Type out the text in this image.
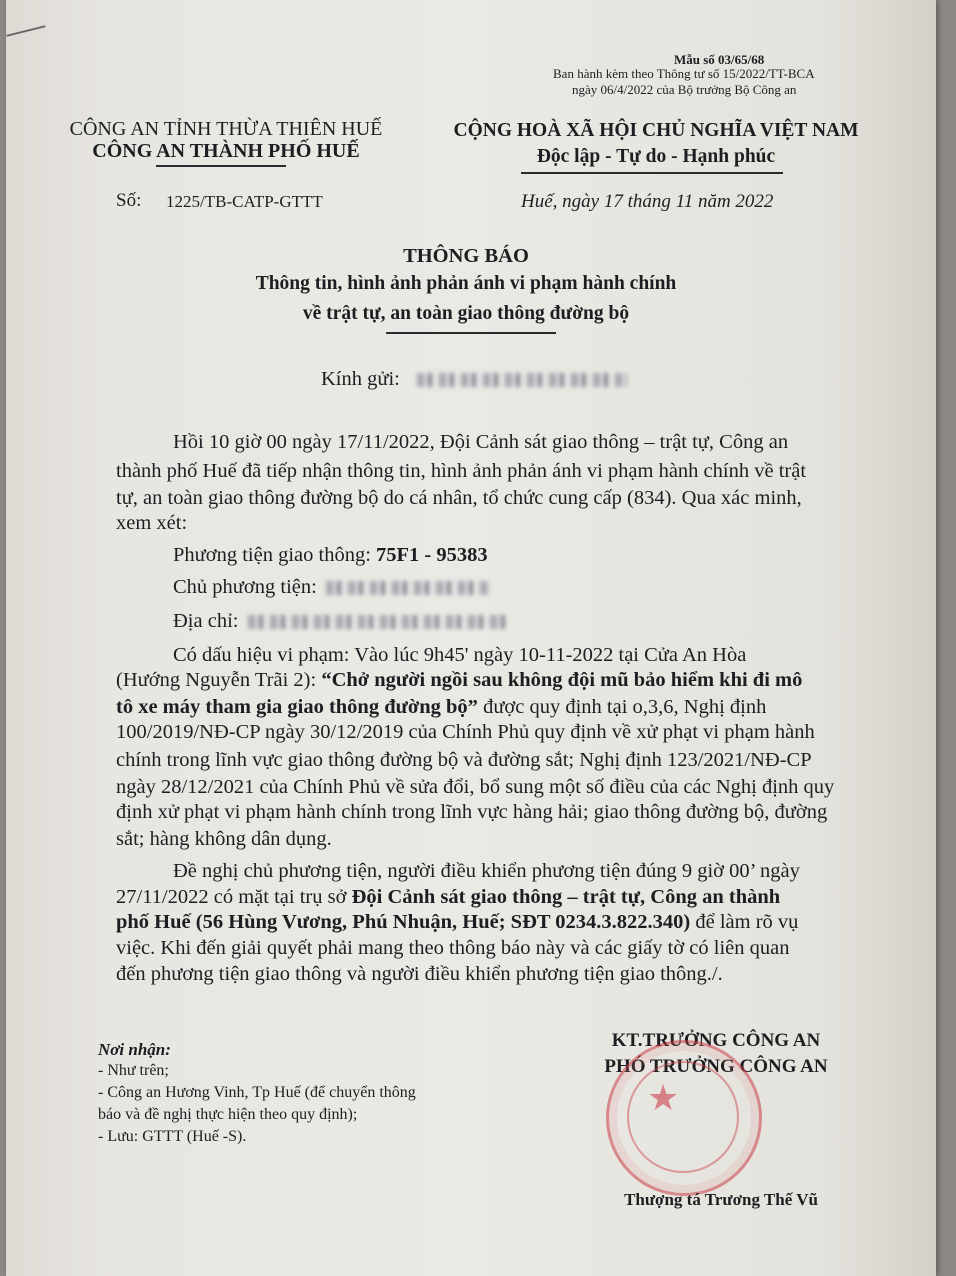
Mẫu số 03/65/68
Ban hành kèm theo Thông tư số 15/2022/TT-BCA
ngày 06/4/2022 của Bộ trưởng Bộ Công an
CÔNG AN TỈNH THỪA THIÊN HUẾ
CÔNG AN THÀNH PHỐ HUẾ
Số: 1225/TB-CATP-GTTT
CỘNG HOÀ XÃ HỘI CHỦ NGHĨA VIỆT NAM
Độc lập - Tự do - Hạnh phúc
Huế, ngày 17 tháng 11 năm 2022
THÔNG BÁO
Thông tin, hình ảnh phản ánh vi phạm hành chính
về trật tự, an toàn giao thông đường bộ
Kính gửi:
Hồi 10 giờ 00 ngày 17/11/2022, Đội Cảnh sát giao thông – trật tự, Công an
thành phố Huế đã tiếp nhận thông tin, hình ảnh phản ánh vi phạm hành chính về trật
tự, an toàn giao thông đường bộ do cá nhân, tổ chức cung cấp (834). Qua xác minh,
xem xét:
Phương tiện giao thông: 75F1 - 95383
Chủ phương tiện:
Địa chỉ:
Có dấu hiệu vi phạm: Vào lúc 9h45' ngày 10-11-2022 tại Cửa An Hòa
(Hướng Nguyễn Trãi 2): “Chở người ngồi sau không đội mũ bảo hiểm khi đi mô
tô xe máy tham gia giao thông đường bộ” được quy định tại o,3,6, Nghị định
100/2019/NĐ-CP ngày 30/12/2019 của Chính Phủ quy định về xử phạt vi phạm hành
chính trong lĩnh vực giao thông đường bộ và đường sắt; Nghị định 123/2021/NĐ-CP
ngày 28/12/2021 của Chính Phủ về sửa đổi, bổ sung một số điều của các Nghị định quy
định xử phạt vi phạm hành chính trong lĩnh vực hàng hải; giao thông đường bộ, đường
sắt; hàng không dân dụng.
Đề nghị chủ phương tiện, người điều khiển phương tiện đúng 9 giờ 00’ ngày
27/11/2022 có mặt tại trụ sở Đội Cảnh sát giao thông – trật tự, Công an thành
phố Huế (56 Hùng Vương, Phú Nhuận, Huế; SĐT 0234.3.822.340) để làm rõ vụ
việc. Khi đến giải quyết phải mang theo thông báo này và các giấy tờ có liên quan
đến phương tiện giao thông và người điều khiển phương tiện giao thông./.
Nơi nhận:
- Như trên;
- Công an Hương Vinh, Tp Huế (để chuyển thông
báo và đề nghị thực hiện theo quy định);
- Lưu: GTTT (Huế -S).
KT.TRƯỞNG CÔNG AN
PHÓ TRƯỞNG CÔNG AN
★
Thượng tá Trương Thế Vũ
